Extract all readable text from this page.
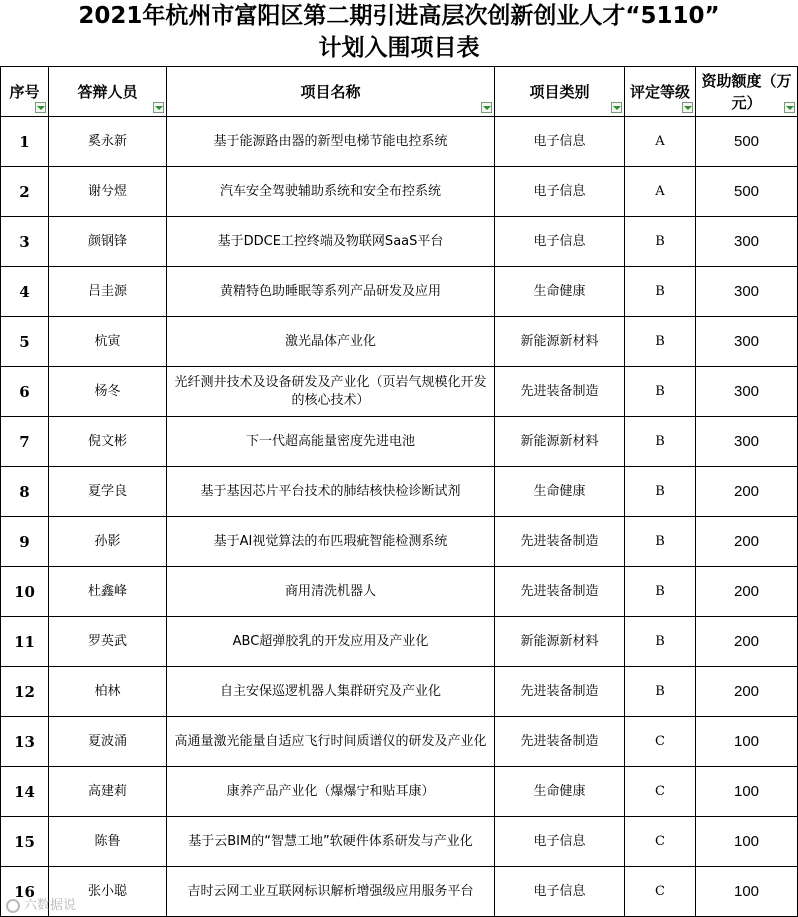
2021年杭州市富阳区第二期引进高层次创新创业人才“5110”
计划入围项目表
序号	答辩人员	项目名称	项目类别	评定等级	资助额度（万元）

1	奚永新	基于能源路由器的新型电梯节能电控系统	电子信息	A	500
2	谢兮煜	汽车安全驾驶辅助系统和安全布控系统	电子信息	A	500
3	颜钢锋	基于DDCE工控终端及物联网SaaS平台	电子信息	B	300
4	吕圭源	黄精特色助睡眠等系列产品研发及应用	生命健康	B	300
5	杭寅	激光晶体产业化	新能源新材料	B	300
6	杨冬	光纤测井技术及设备研发及产业化（页岩气规模化开发的核心技术）	先进装备制造	B	300
7	倪文彬	下一代超高能量密度先进电池	新能源新材料	B	300
8	夏学良	基于基因芯片平台技术的肺结核快检诊断试剂	生命健康	B	200
9	孙影	基于AI视觉算法的布匹瑕疵智能检测系统	先进装备制造	B	200
10	杜鑫峰	商用清洗机器人	先进装备制造	B	200
11	罗英武	ABC超弹胶乳的开发应用及产业化	新能源新材料	B	200
12	柏林	自主安保巡逻机器人集群研究及产业化	先进装备制造	B	200
13	夏波涌	高通量激光能量自适应飞行时间质谱仪的研发及产业化	先进装备制造	C	100
14	高建莉	康养产品产业化（爆爆宁和贴耳康）	生命健康	C	100
15	陈鲁	基于云BIM的“智慧工地”软硬件体系研发与产业化	电子信息	C	100
16	张小聪	吉时云网工业互联网标识解析增强级应用服务平台	电子信息	C	100
六数据说
